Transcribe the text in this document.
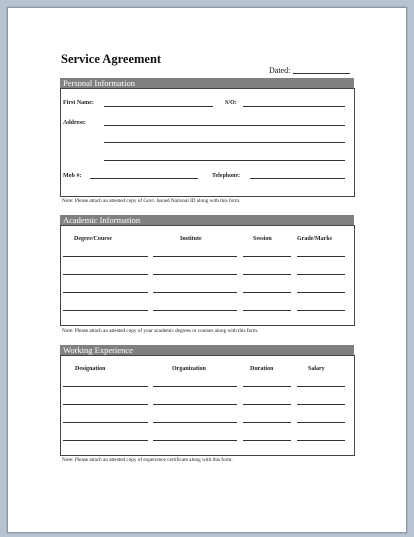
Service Agreement
Dated:
Personal Information
First Name:	S/O:
Address:
Mob #:	Telephone:
Note: Please attach an attested copy of Govt. Issued National ID along with this form.
Academic Information
Degree/Course	Institute	Session	Grade/Marks
Note: Please attach an attested copy of your academic degrees or courses along with this form.
Working Experience
Designation	Organization	Duration	Salary
Note: Please attach an attested copy of experience certificate along with this form.
